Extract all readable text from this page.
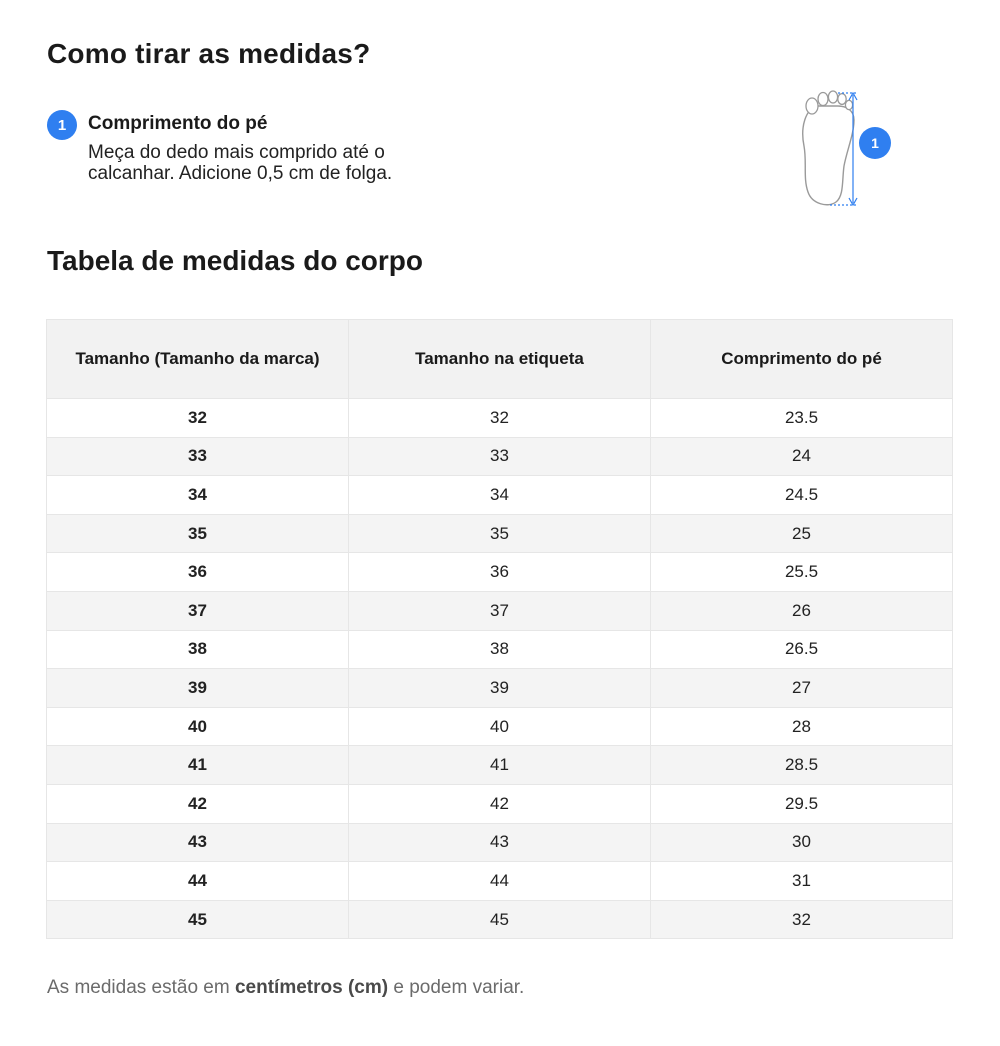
Como tirar as medidas?
1	Comprimento do pé
Meça do dedo mais comprido até o calcanhar. Adicione 0,5 cm de folga.
1
Tabela de medidas do corpo
Tamanho (Tamanho da marca)	Tamanho na etiqueta	Comprimento do pé
32	32	23.5
33	33	24
34	34	24.5
35	35	25
36	36	25.5
37	37	26
38	38	26.5
39	39	27
40	40	28
41	41	28.5
42	42	29.5
43	43	30
44	44	31
45	45	32
As medidas estão em centímetros (cm) e podem variar.
